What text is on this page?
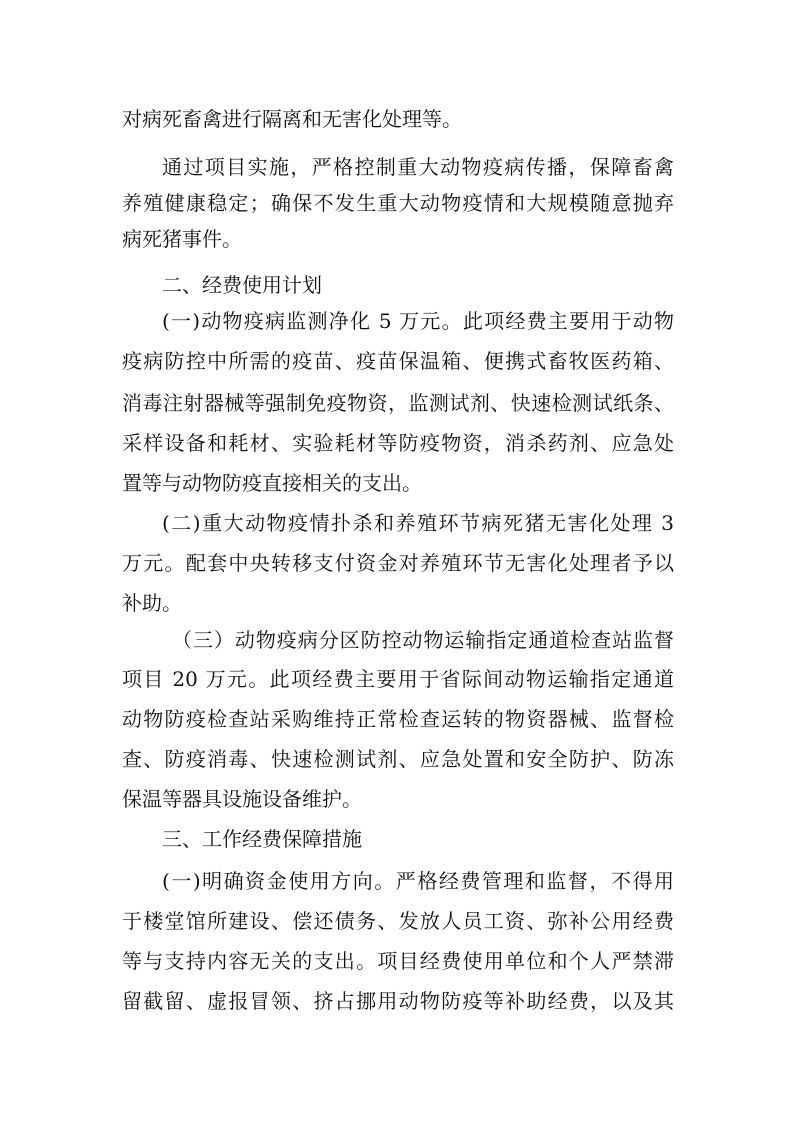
对病死畜禽进行隔离和无害化处理等。
通过项目实施，严格控制重大动物疫病传播，保障畜禽
养殖健康稳定；确保不发生重大动物疫情和大规模随意抛弃
病死猪事件。
二、经费使用计划
(一)动物疫病监测净化 5 万元。此项经费主要用于动物
疫病防控中所需的疫苗、疫苗保温箱、便携式畜牧医药箱、
消毒注射器械等强制免疫物资，监测试剂、快速检测试纸条、
采样设备和耗材、实验耗材等防疫物资，消杀药剂、应急处
置等与动物防疫直接相关的支出。
(二)重大动物疫情扑杀和养殖环节病死猪无害化处理 3
万元。配套中央转移支付资金对养殖环节无害化处理者予以
补助。
（三）动物疫病分区防控动物运输指定通道检查站监督
项目 20 万元。此项经费主要用于省际间动物运输指定通道
动物防疫检查站采购维持正常检查运转的物资器械、监督检
查、防疫消毒、快速检测试剂、应急处置和安全防护、防冻
保温等器具设施设备维护。
三、工作经费保障措施
(一)明确资金使用方向。严格经费管理和监督，不得用
于楼堂馆所建设、偿还债务、发放人员工资、弥补公用经费
等与支持内容无关的支出。项目经费使用单位和个人严禁滞
留截留、虚报冒领、挤占挪用动物防疫等补助经费，以及其
